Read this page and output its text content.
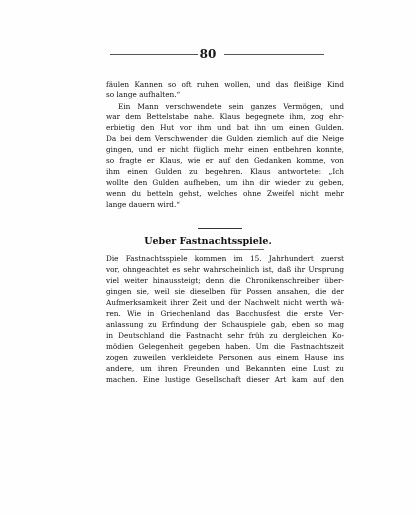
80
fäulen Kannen so oft ruhen wollen, und das fleißige Kind
so lange aufhalten.“
Ein Mann verschwendete sein ganzes Vermögen, und
war dem Bettelstabe nahe. Klaus begegnete ihm, zog ehr-
erbietig den Hut vor ihm und bat ihn um einen Gulden.
Da bei dem Verschwender die Gulden ziemlich auf die Neige
gingen, und er nicht füglich mehr einen entbehren konnte,
so fragte er Klaus, wie er auf den Gedanken komme, von
ihm einen Gulden zu begehren. Klaus antwortete: „Ich
wollte den Gulden aufheben, um ihn dir wieder zu geben,
wenn du betteln gehst, welches ohne Zweifel nicht mehr
lange dauern wird.“
Ueber Fastnachtsspiele.
Die Fastnachtsspiele kommen im 15. Jahrhundert zuerst
vor, ohngeachtet es sehr wahrscheinlich ist, daß ihr Ursprung
viel weiter hinaussteigt; denn die Chronikenschreiber über-
gingen sie, weil sie dieselben für Possen ansahen, die der
Aufmerksamkeit ihrer Zeit und der Nachwelt nicht werth wä-
ren. Wie in Griechenland das Bacchusfest die erste Ver-
anlassung zu Erfindung der Schauspiele gab, eben so mag
in Deutschland die Fastnacht sehr früh zu dergleichen Ko-
mödien Gelegenheit gegeben haben. Um die Fastnachtszeit
zogen zuweilen verkleidete Personen aus einem Hause ins
andere, um ihren Freunden und Bekannten eine Lust zu
machen. Eine lustige Gesellschaft dieser Art kam auf den
